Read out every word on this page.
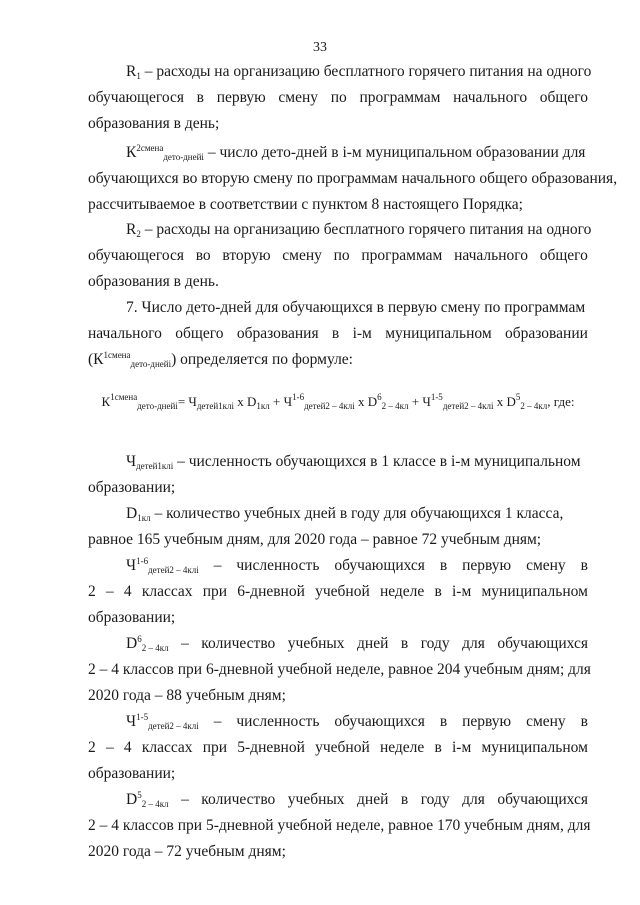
33
$R_1$ – расходы на организацию бесплатного горячего питания на одного
обучающегося в первую смену по программам начального общего
образования в день;
$К^{2смена}_{дето-днейi}$ – число дето-дней в i-м муниципальном образовании для
обучающихся во вторую смену по программам начального общего образования,
рассчитываемое в соответствии с пунктом 8 настоящего Порядка;
$R_2$ – расходы на организацию бесплатного горячего питания на одного
обучающегося во вторую смену по программам начального общего
образования в день.
7. Число дето-дней для обучающихся в первую смену по программам
начального общего образования в i-м муниципальном образовании
$(К^{1смена}_{дето-днейi})$ определяется по формуле:
$К^{1смена}_{дето-днейi}= Ч_{детей1клi}$ x $D_{1кл} + Ч^{1-6}_{детей2 - 4клi}$ x $D^6_{2 - 4кл} + Ч^{1-5}_{детей2 - 4клi}$ x $D^5_{2 - 4кл}$, где:
$Ч_{детей1клi}$ – численность обучающихся в 1 классе в i-м муниципальном
образовании;
$D_{1кл}$ – количество учебных дней в году для обучающихся 1 класса,
равное 165 учебным дням, для 2020 года – равное 72 учебным дням;
$Ч^{1-6}_{детей2 - 4клi}$ – численность обучающихся в первую смену в
2 – 4 классах при 6-дневной учебной неделе в i-м муниципальном
образовании;
$D^6_{2 - 4кл}$ – количество учебных дней в году для обучающихся
2 – 4 классов при 6-дневной учебной неделе, равное 204 учебным дням; для
2020 года – 88 учебным дням;
$Ч^{1-5}_{детей2 - 4клi}$ – численность обучающихся в первую смену в
2 – 4 классах при 5-дневной учебной неделе в i-м муниципальном
образовании;
$D^5_{2 - 4кл}$ – количество учебных дней в году для обучающихся
2 – 4 классов при 5-дневной учебной неделе, равное 170 учебным дням, для
2020 года – 72 учебным дням;
